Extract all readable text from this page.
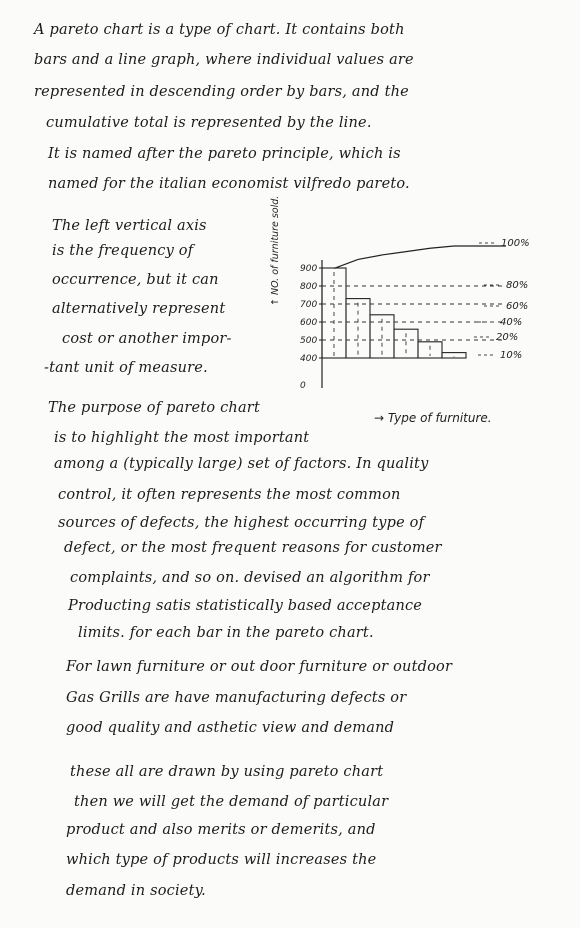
A pareto chart is a type of chart. It contains both
bars and a line graph, where individual values are
represented in descending order by bars, and the
cumulative total is represented by the line.
It is named after the pareto principle, which is
named for the italian economist vilfredo pareto.
The left vertical axis
is the frequency of
occurrence, but it can
alternatively represent
cost or another impor-
-tant unit of measure.
↑ NO. of furniture sold. 900
800
700
600
500
400
0
100%
80%
60%
40%
20%
10%
→ Type of furniture.
The purpose of pareto chart
is to highlight the most important
among a (typically large) set of factors. In quality
control, it often represents the most common
sources of defects, the highest occurring type of
defect, or the most frequent reasons for customer
complaints, and so on. devised an algorithm for
Producting satis statistically based acceptance
limits. for each bar in the pareto chart.
For lawn furniture or out door furniture or outdoor
Gas Grills are have manufacturing defects or
good quality and asthetic view and demand
these all are drawn by using pareto chart
then we will get the demand of particular
product and also merits or demerits, and
which type of products will increases the
demand in society.
